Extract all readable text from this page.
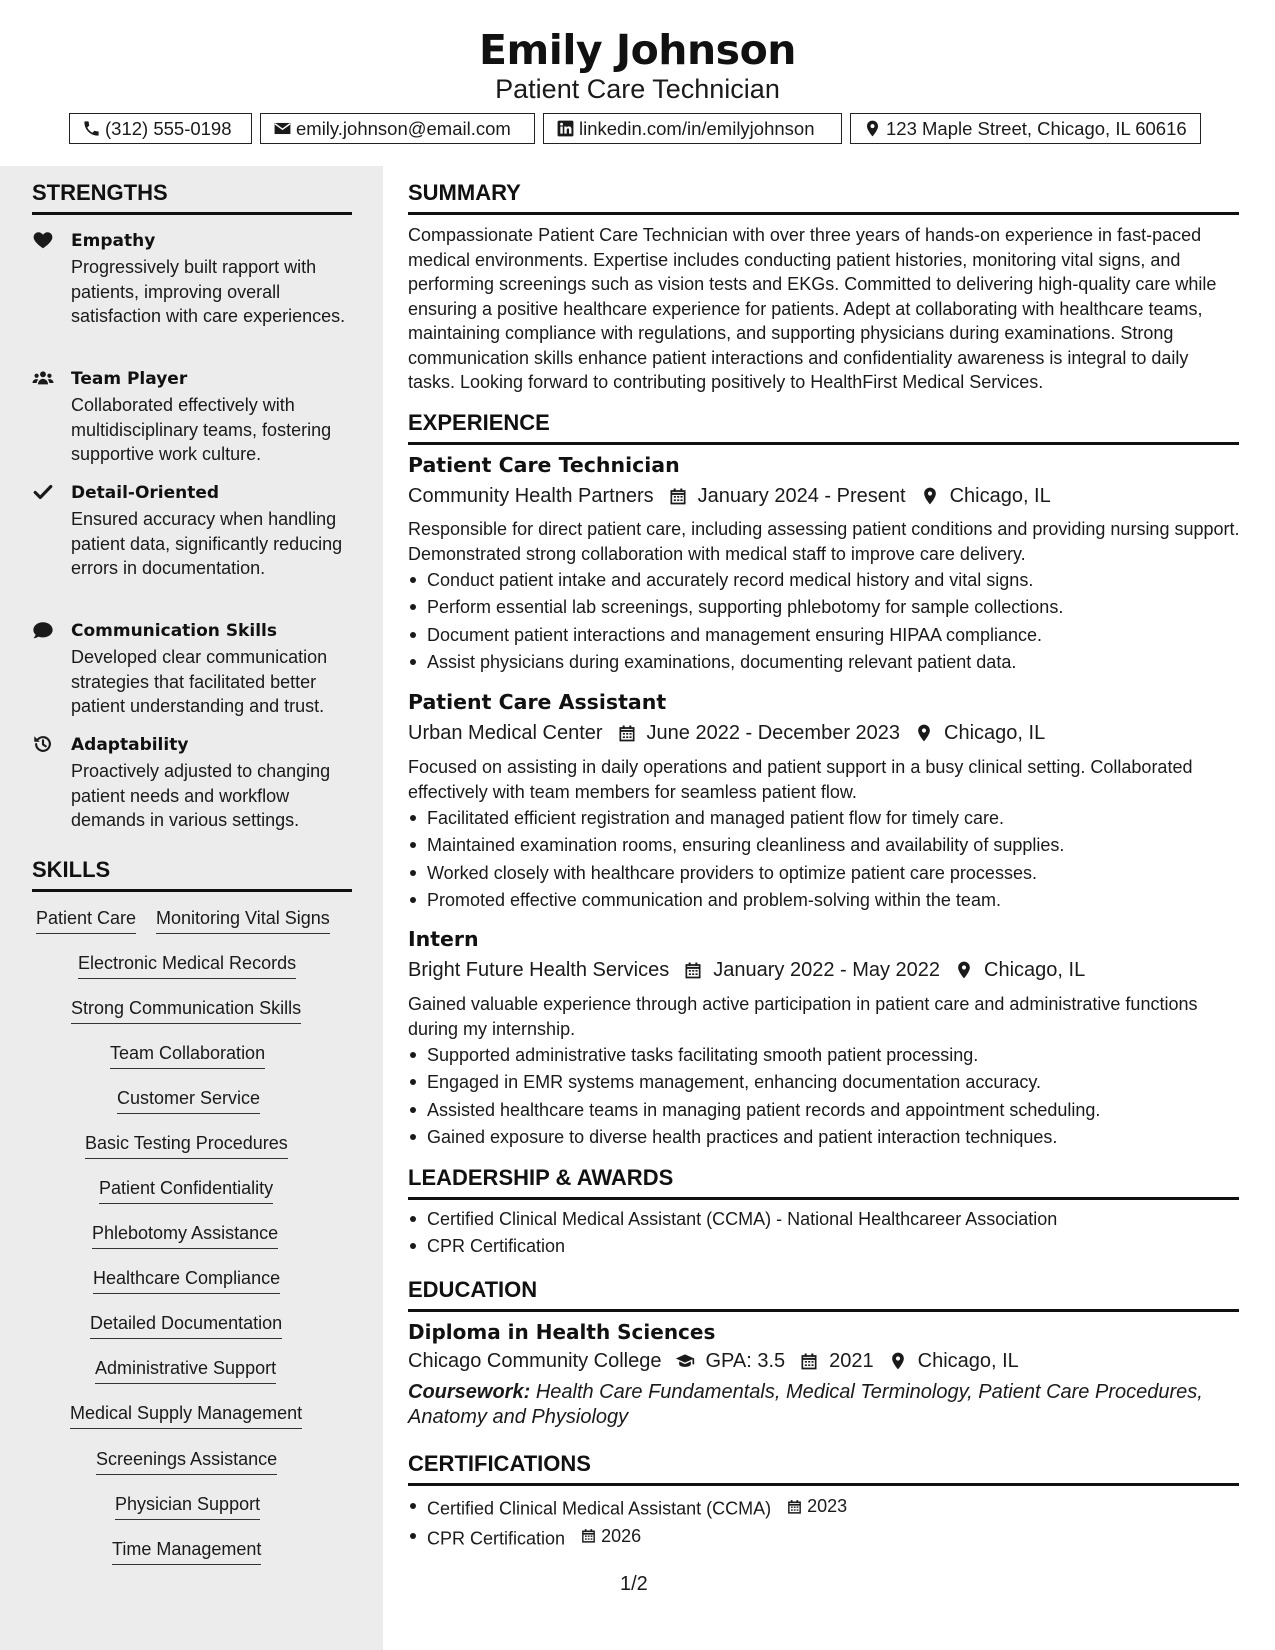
Emily Johnson
Patient Care Technician
(312) 555-0198	emily.johnson@email.com	linkedin.com/in/emilyjohnson	123 Maple Street, Chicago, IL 60616
STRENGTHS
Empathy
Progressively built rapport with patients, improving overall satisfaction with care experiences.
Team Player
Collaborated effectively with multidisciplinary teams, fostering supportive work culture.
Detail-Oriented
Ensured accuracy when handling patient data, significantly reducing errors in documentation.
Communication Skills
Developed clear communication strategies that facilitated better patient understanding and trust.
Adaptability
Proactively adjusted to changing patient needs and workflow demands in various settings.
SKILLS
Patient Care Monitoring Vital Signs
Electronic Medical Records
Strong Communication Skills
Team Collaboration
Customer Service
Basic Testing Procedures
Patient Confidentiality
Phlebotomy Assistance
Healthcare Compliance
Detailed Documentation
Administrative Support
Medical Supply Management
Screenings Assistance
Physician Support
Time Management
SUMMARY
Compassionate Patient Care Technician with over three years of hands-on experience in fast-paced medical environments. Expertise includes conducting patient histories, monitoring vital signs, and performing screenings such as vision tests and EKGs. Committed to delivering high-quality care while ensuring a positive healthcare experience for patients. Adept at collaborating with healthcare teams, maintaining compliance with regulations, and supporting physicians during examinations. Strong communication skills enhance patient interactions and confidentiality awareness is integral to daily tasks. Looking forward to contributing positively to HealthFirst Medical Services.
EXPERIENCE
Patient Care Technician
Community Health Partners January 2024 - Present Chicago, IL
Responsible for direct patient care, including assessing patient conditions and providing nursing support. Demonstrated strong collaboration with medical staff to improve care delivery.
Conduct patient intake and accurately record medical history and vital signs.
Perform essential lab screenings, supporting phlebotomy for sample collections.
Document patient interactions and management ensuring HIPAA compliance.
Assist physicians during examinations, documenting relevant patient data.
Patient Care Assistant
Urban Medical Center June 2022 - December 2023 Chicago, IL
Focused on assisting in daily operations and patient support in a busy clinical setting. Collaborated effectively with team members for seamless patient flow.
Facilitated efficient registration and managed patient flow for timely care.
Maintained examination rooms, ensuring cleanliness and availability of supplies.
Worked closely with healthcare providers to optimize patient care processes.
Promoted effective communication and problem-solving within the team.
Intern
Bright Future Health Services January 2022 - May 2022 Chicago, IL
Gained valuable experience through active participation in patient care and administrative functions during my internship.
Supported administrative tasks facilitating smooth patient processing.
Engaged in EMR systems management, enhancing documentation accuracy.
Assisted healthcare teams in managing patient records and appointment scheduling.
Gained exposure to diverse health practices and patient interaction techniques.
LEADERSHIP & AWARDS
Certified Clinical Medical Assistant (CCMA) - National Healthcareer Association
CPR Certification
EDUCATION
Diploma in Health Sciences
Chicago Community College GPA: 3.5 2021 Chicago, IL
Coursework: Health Care Fundamentals, Medical Terminology, Patient Care Procedures, Anatomy and Physiology
CERTIFICATIONS
Certified Clinical Medical Assistant (CCMA) 2023
CPR Certification 2026
1/2
